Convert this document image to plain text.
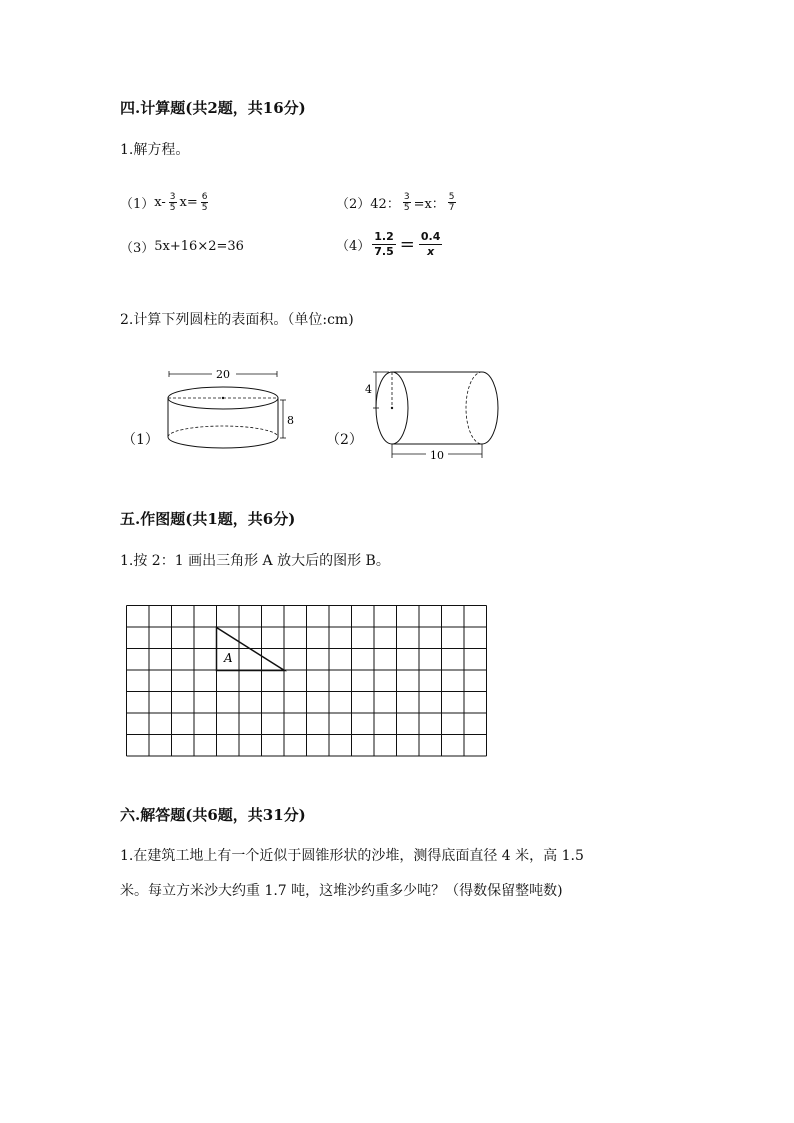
四.计算题(共2题，共16分)
1.解方程。
（1） $x- \frac{3}{5} x= \frac{6}{5}$	（2） 42： $\frac{3}{5} =x$： $\frac{5}{7}$
（3） 5x+16×2=36	$(4) \frac{1.2}{7.5} = \frac{0.4}{x}$
2.计算下列圆柱的表面积。（单位:cm)
（1）
20
8
（2）
4
10
五.作图题(共1题，共6分)
1.按 2：1 画出三角形 A 放大后的图形 B。
A
六.解答题(共6题，共31分)
1.在建筑工地上有一个近似于圆锥形状的沙堆，测得底面直径 4 米，高 1.5
米。每立方米沙大约重 1.7 吨，这堆沙约重多少吨？（得数保留整吨数)
